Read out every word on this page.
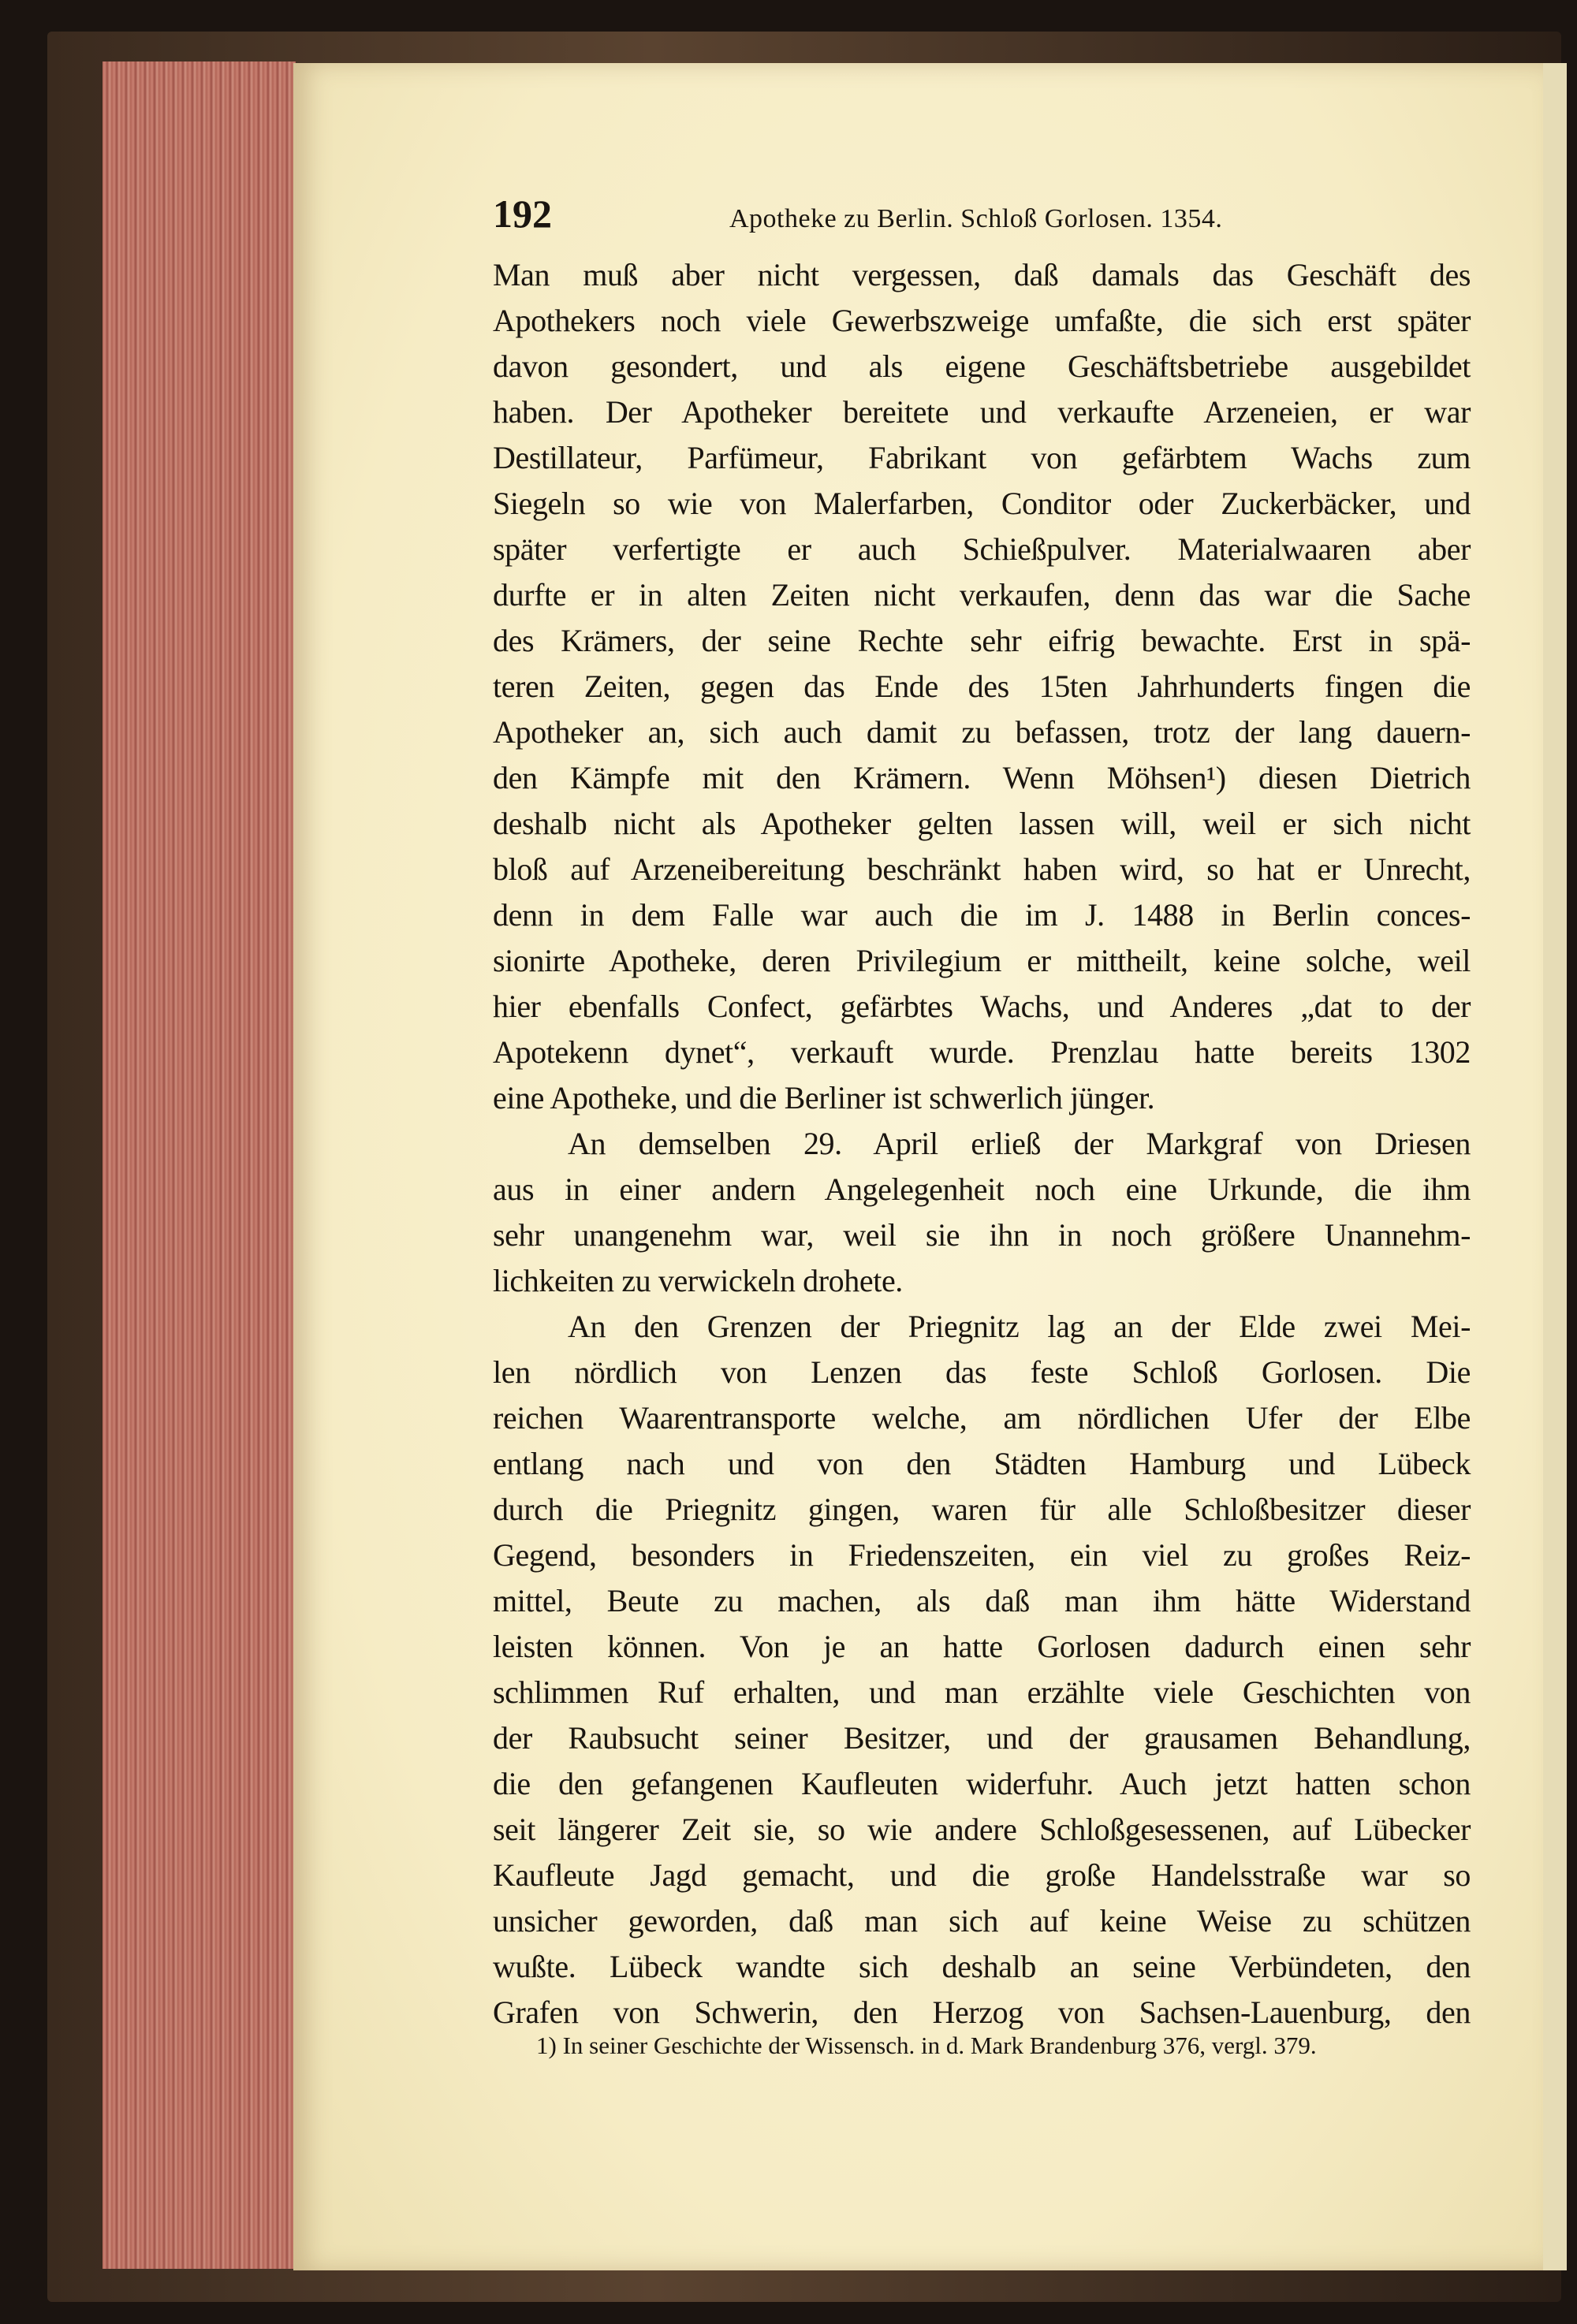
192	Apotheke zu Berlin. Schloß Gorlosen. 1354.
Man muß aber nicht vergessen, daß damals das Geschäft des
Apothekers noch viele Gewerbszweige umfaßte, die sich erst später
davon gesondert, und als eigene Geschäftsbetriebe ausgebildet
haben. Der Apotheker bereitete und verkaufte Arzeneien, er war
Destillateur, Parfümeur, Fabrikant von gefärbtem Wachs zum
Siegeln so wie von Malerfarben, Conditor oder Zuckerbäcker, und
später verfertigte er auch Schießpulver. Materialwaaren aber
durfte er in alten Zeiten nicht verkaufen, denn das war die Sache
des Krämers, der seine Rechte sehr eifrig bewachte. Erst in spä-
teren Zeiten, gegen das Ende des 15ten Jahrhunderts fingen die
Apotheker an, sich auch damit zu befassen, trotz der lang dauern-
den Kämpfe mit den Krämern. Wenn Möhsen¹) diesen Dietrich
deshalb nicht als Apotheker gelten lassen will, weil er sich nicht
bloß auf Arzeneibereitung beschränkt haben wird, so hat er Unrecht,
denn in dem Falle war auch die im J. 1488 in Berlin conces-
sionirte Apotheke, deren Privilegium er mittheilt, keine solche, weil
hier ebenfalls Confect, gefärbtes Wachs, und Anderes „dat to der
Apotekenn dynet“, verkauft wurde. Prenzlau hatte bereits 1302
eine Apotheke, und die Berliner ist schwerlich jünger.
An demselben 29. April erließ der Markgraf von Driesen
aus in einer andern Angelegenheit noch eine Urkunde, die ihm
sehr unangenehm war, weil sie ihn in noch größere Unannehm-
lichkeiten zu verwickeln drohete.
An den Grenzen der Priegnitz lag an der Elde zwei Mei-
len nördlich von Lenzen das feste Schloß Gorlosen. Die
reichen Waarentransporte welche, am nördlichen Ufer der Elbe
entlang nach und von den Städten Hamburg und Lübeck
durch die Priegnitz gingen, waren für alle Schloßbesitzer dieser
Gegend, besonders in Friedenszeiten, ein viel zu großes Reiz-
mittel, Beute zu machen, als daß man ihm hätte Widerstand
leisten können. Von je an hatte Gorlosen dadurch einen sehr
schlimmen Ruf erhalten, und man erzählte viele Geschichten von
der Raubsucht seiner Besitzer, und der grausamen Behandlung,
die den gefangenen Kaufleuten widerfuhr. Auch jetzt hatten schon
seit längerer Zeit sie, so wie andere Schloßgesessenen, auf Lübecker
Kaufleute Jagd gemacht, und die große Handelsstraße war so
unsicher geworden, daß man sich auf keine Weise zu schützen
wußte. Lübeck wandte sich deshalb an seine Verbündeten, den
Grafen von Schwerin, den Herzog von Sachsen-Lauenburg, den
1) In seiner Geschichte der Wissensch. in d. Mark Brandenburg 376, vergl. 379.
